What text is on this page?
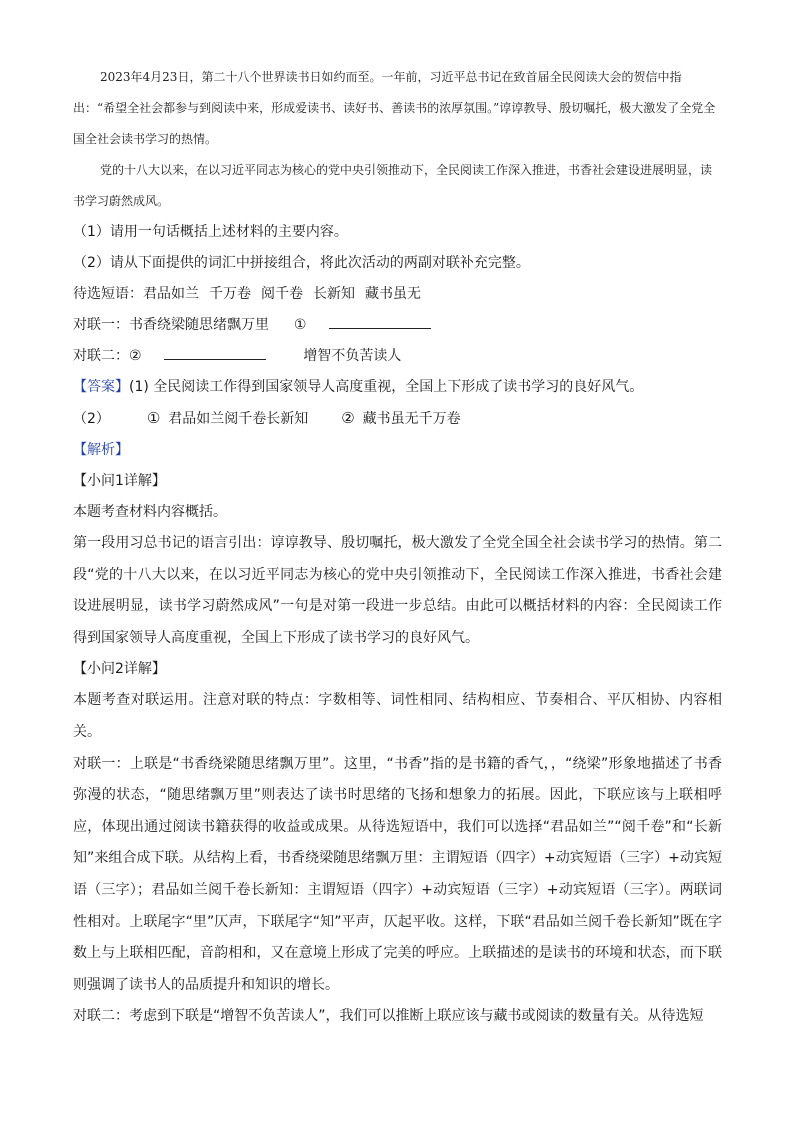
2023年4月23日，第二十八个世界读书日如约而至。一年前，习近平总书记在致首届全民阅读大会的贺信中指出：“希望全社会都参与到阅读中来，形成爱读书、读好书、善读书的浓厚氛围。”谆谆教导、殷切嘱托，极大激发了全党全国全社会读书学习的热情。

党的十八大以来，在以习近平同志为核心的党中央引领推动下，全民阅读工作深入推进，书香社会建设进展明显，读书学习蔚然成风。

（1）请用一句话概括上述材料的主要内容。

（2）请从下面提供的词汇中拼接组合，将此次活动的两副对联补充完整。

待选短语：君品如兰 千万卷 阅千卷 长新知 藏书虽无

对联一：书香绕梁随思绪飘万里 ①

对联二：②	增智不负苦读人

【答案】(1) 全民阅读工作得到国家领导人高度重视，全国上下形成了读书学习的良好风气。

（2） ① 君品如兰阅千卷长新知 ② 藏书虽无千万卷

【解析】

【小问1详解】

本题考查材料内容概括。

第一段用习总书记的语言引出：谆谆教导、殷切嘱托，极大激发了全党全国全社会读书学习的热情。第二段“党的十八大以来，在以习近平同志为核心的党中央引领推动下，全民阅读工作深入推进，书香社会建设进展明显，读书学习蔚然成风”一句是对第一段进一步总结。由此可以概括材料的内容：全民阅读工作得到国家领导人高度重视，全国上下形成了读书学习的良好风气。

【小问2详解】

本题考查对联运用。注意对联的特点：字数相等、词性相同、结构相应、节奏相合、平仄相协、内容相关。

对联一：上联是“书香绕梁随思绪飘万里”。这里，“书香”指的是书籍的香气，，“绕梁”形象地描述了书香弥漫的状态，“随思绪飘万里”则表达了读书时思绪的飞扬和想象力的拓展。因此，下联应该与上联相呼应，体现出通过阅读书籍获得的收益或成果。从待选短语中，我们可以选择“君品如兰”“阅千卷”和“长新知”来组合成下联。从结构上看，书香绕梁随思绪飘万里：主谓短语（四字）+动宾短语（三字）+动宾短语（三字）；君品如兰阅千卷长新知：主谓短语（四字）+动宾短语（三字）+动宾短语（三字）。两联词性相对。上联尾字“里”仄声，下联尾字“知”平声，仄起平收。这样，下联“君品如兰阅千卷长新知”既在字数上与上联相匹配，音韵相和，又在意境上形成了完美的呼应。上联描述的是读书的环境和状态，而下联则强调了读书人的品质提升和知识的增长。

对联二：考虑到下联是“增智不负苦读人”，我们可以推断上联应该与藏书或阅读的数量有关。从待选短
